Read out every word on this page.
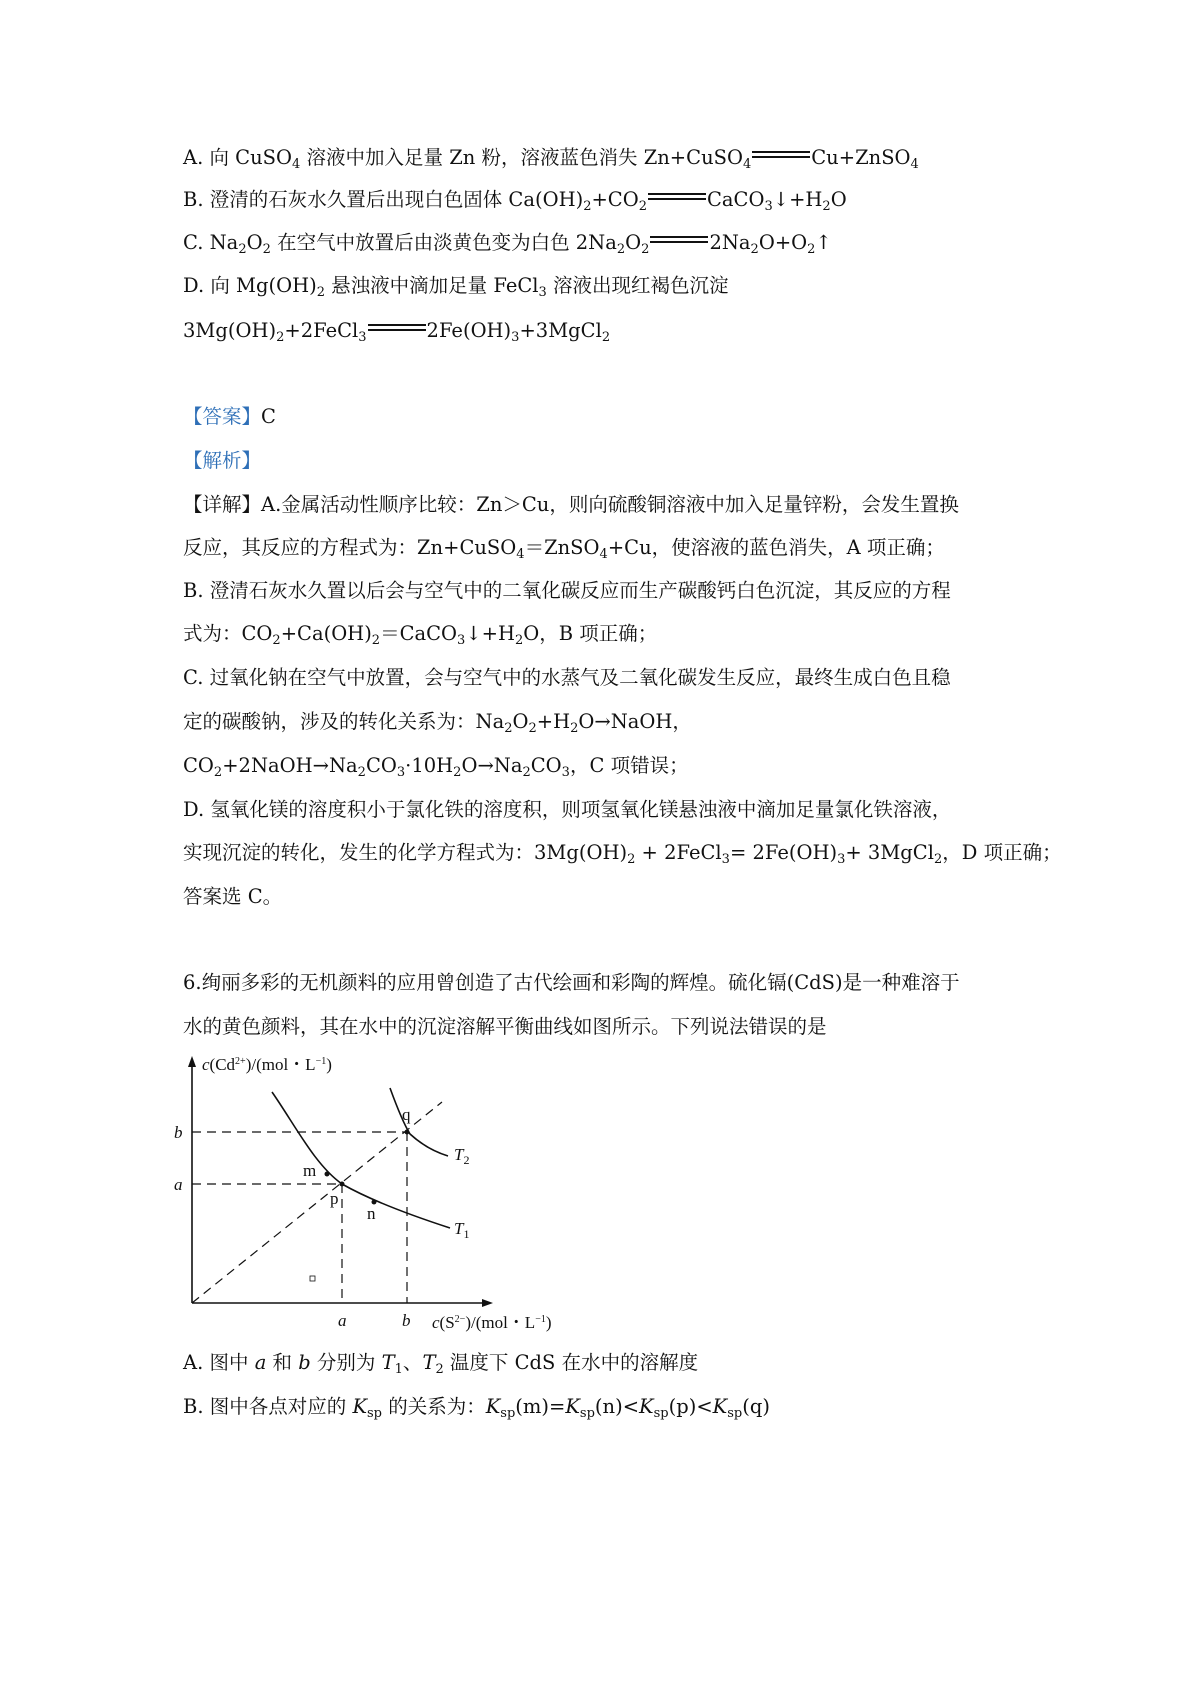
A. 向 CuSO$_4$ 溶液中加入足量 Zn 粉，溶液蓝色消失 Zn+CuSO$_4$	Cu+ZnSO$_4$
B. 澄清的石灰水久置后出现白色固体 $Ca(OH)_2+CO_2$	$CaCO_3↓+H_2O$
C. $Na_2O_2$ 在空气中放置后由淡黄色变为白色 $2Na_2O_2$	$2Na_2O+O_2↑$
D. 向 $Mg(OH)_2$ 悬浊液中滴加足量 FeCl$_3$ 溶液出现红褐色沉淀
$3Mg(OH)_2+2FeCl_3$	$2Fe(OH)_3+3MgCl_2$
【答案】C
【解析】
【详解】A.金属活动性顺序比较：Zn＞Cu，则向硫酸铜溶液中加入足量锌粉，会发生置换
反应，其反应的方程式为：Zn+CuSO$_4$＝ZnSO$_4$+Cu，使溶液的蓝色消失，A 项正确；
B. 澄清石灰水久置以后会与空气中的二氧化碳反应而生产碳酸钙白色沉淀，其反应的方程
式为：$CO_2+Ca(OH)_2=CaCO_3↓+H_2O$，B 项正确；
C. 过氧化钠在空气中放置，会与空气中的水蒸气及二氧化碳发生反应，最终生成白色且稳
定的碳酸钠，涉及的转化关系为：$Na_2O_2+H_2O\to NaOH$，
$CO_2+2NaOH\to Na_2CO_3\cdot 10H_2O\to Na_2CO_3$，C 项错误；
D. 氢氧化镁的溶度积小于氯化铁的溶度积，则项氢氧化镁悬浊液中滴加足量氯化铁溶液，
实现沉淀的转化，发生的化学方程式为：$3Mg(OH)_2$ + 2FeCl$_3$= $2Fe(OH)_3+$ 3MgCl$_2$，D 项正确；
答案选 C。
6.绚丽多彩的无机颜料的应用曾创造了古代绘画和彩陶的辉煌。硫化镉(CdS)是一种难溶于
水的黄色颜料，其在水中的沉淀溶解平衡曲线如图所示。下列说法错误的是
m
n
p
q
b
a
a	b
$T_2$
$T_1$
$c(Cd^{2+})/(mol$・$L^{-1}$)
$c(S^{2-})/(mol$・$L^{-1}$)
A. 图中 a 和 b 分别为 $T_1$、$T_2$ 温度下 CdS 在水中的溶解度
B. 图中各点对应的 $K_{sp}$ 的关系为：$K_{sp}(m)=K_{sp}(n)<K_{sp}(p)<K_{sp}(q)$
